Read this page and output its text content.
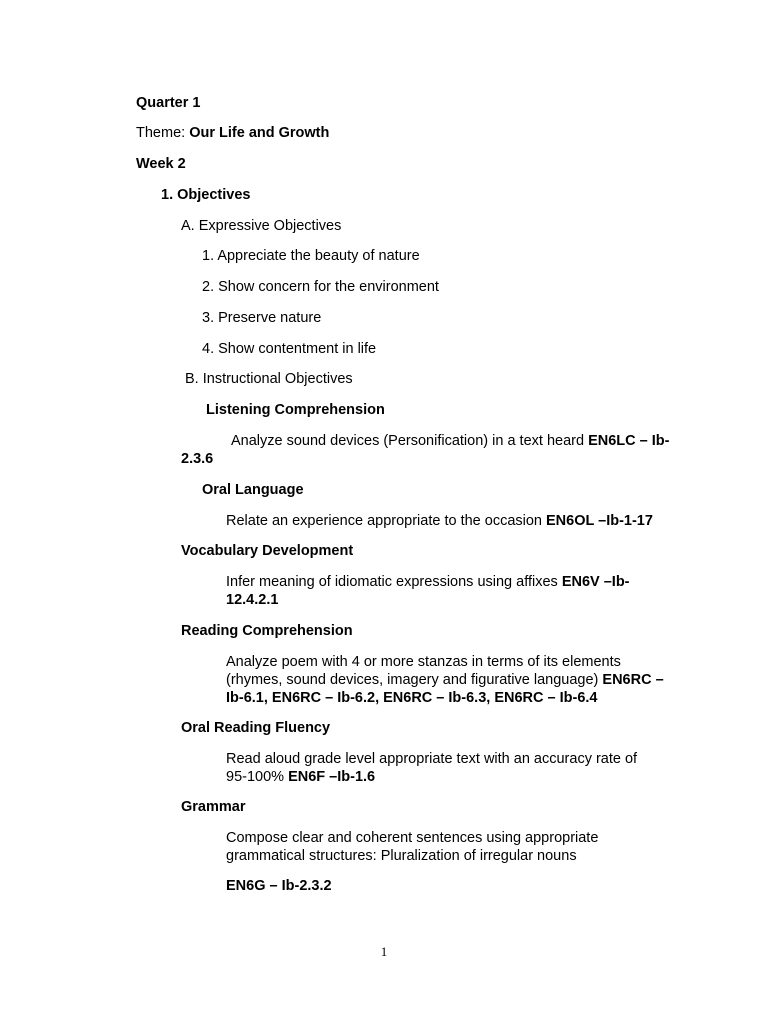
Quarter 1
Theme: Our Life and Growth
Week 2
1. Objectives
A. Expressive Objectives
1. Appreciate the beauty of nature
2. Show concern for the environment
3. Preserve nature
4. Show contentment in life
B. Instructional Objectives
Listening Comprehension
Analyze sound devices (Personification) in a text heard EN6LC – Ib-2.3.6
Oral Language
Relate an experience appropriate to the occasion EN6OL –Ib-1-17
Vocabulary Development
Infer meaning of idiomatic expressions using affixes EN6V –Ib- 12.4.2.1
Reading Comprehension
Analyze poem with 4 or more stanzas in terms of its elements (rhymes, sound devices, imagery and figurative language) EN6RC – Ib-6.1, EN6RC – Ib-6.2, EN6RC – Ib-6.3, EN6RC – Ib-6.4
Oral Reading Fluency
Read aloud grade level appropriate text with an accuracy rate of 95-100% EN6F –Ib-1.6
Grammar
Compose clear and coherent sentences using appropriate grammatical structures: Pluralization of irregular nouns
EN6G – Ib-2.3.2
1
